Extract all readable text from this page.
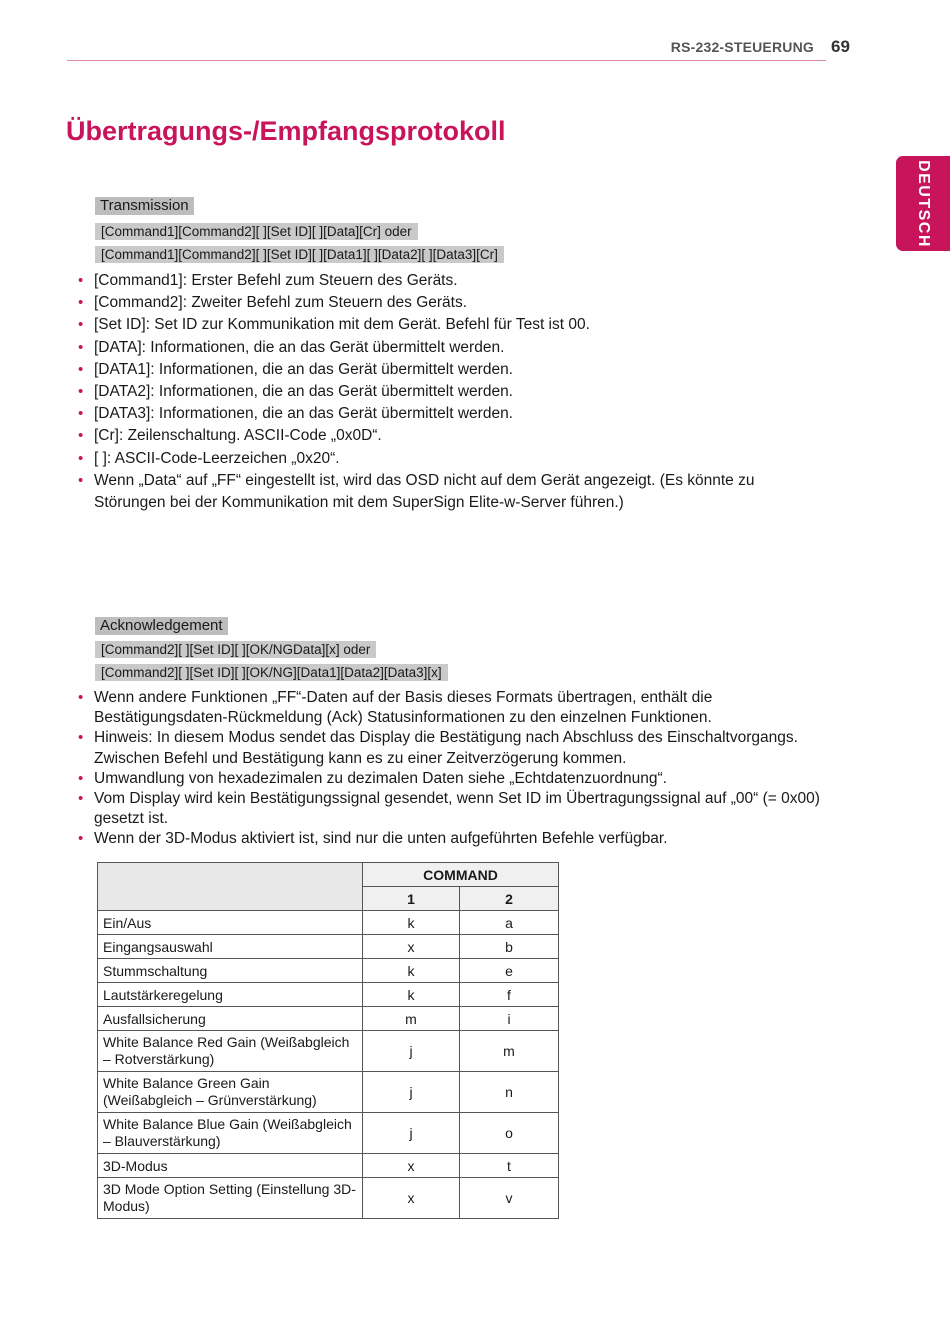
RS-232-STEUERUNG 69
DEUTSCH
Übertragungs-/Empfangsprotokoll
Transmission
[Command1][Command2][ ][Set ID][ ][Data][Cr] oder
[Command1][Command2][ ][Set ID][ ][Data1][ ][Data2][ ][Data3][Cr]
• [Command1]: Erster Befehl zum Steuern des Geräts.
• [Command2]: Zweiter Befehl zum Steuern des Geräts.
• [Set ID]: Set ID zur Kommunikation mit dem Gerät. Befehl für Test ist 00.
• [DATA]: Informationen, die an das Gerät übermittelt werden.
• [DATA1]: Informationen, die an das Gerät übermittelt werden.
• [DATA2]: Informationen, die an das Gerät übermittelt werden.
• [DATA3]: Informationen, die an das Gerät übermittelt werden.
• [Cr]: Zeilenschaltung. ASCII-Code „0x0D“.
• [ ]: ASCII-Code-Leerzeichen „0x20“.
• Wenn „Data“ auf „FF“ eingestellt ist, wird das OSD nicht auf dem Gerät angezeigt. (Es könnte zu Störungen bei der Kommunikation mit dem SuperSign Elite-w-Server führen.)
Acknowledgement
[Command2][ ][Set ID][ ][OK/NGData][x] oder
[Command2][ ][Set ID][ ][OK/NG][Data1][Data2][Data3][x]
• Wenn andere Funktionen „FF“-Daten auf der Basis dieses Formats übertragen, enthält die Bestätigungsdaten-Rückmeldung (Ack) Statusinformationen zu den einzelnen Funktionen.
• Hinweis: In diesem Modus sendet das Display die Bestätigung nach Abschluss des Einschaltvorgangs. Zwischen Befehl und Bestätigung kann es zu einer Zeitverzögerung kommen.
• Umwandlung von hexadezimalen zu dezimalen Daten siehe „Echtdatenzuordnung“.
• Vom Display wird kein Bestätigungssignal gesendet, wenn Set ID im Übertragungssignal auf „00“ (= 0x00) gesetzt ist.
• Wenn der 3D-Modus aktiviert ist, sind nur die unten aufgeführten Befehle verfügbar.
	COMMAND	
	1	2
Ein/Aus	k	a
Eingangsauswahl	x	b
Stummschaltung	k	e
Lautstärkeregelung	k	f
Ausfallsicherung	m	i
White Balance Red Gain (Weißabgleich – Rotverstärkung)	j	m
White Balance Green Gain (Weißabgleich – Grünverstärkung)	j	n
White Balance Blue Gain (Weißabgleich – Blauverstärkung)	j	o
3D-Modus	x	t
3D Mode Option Setting (Einstellung 3D-Modus)	x	v
